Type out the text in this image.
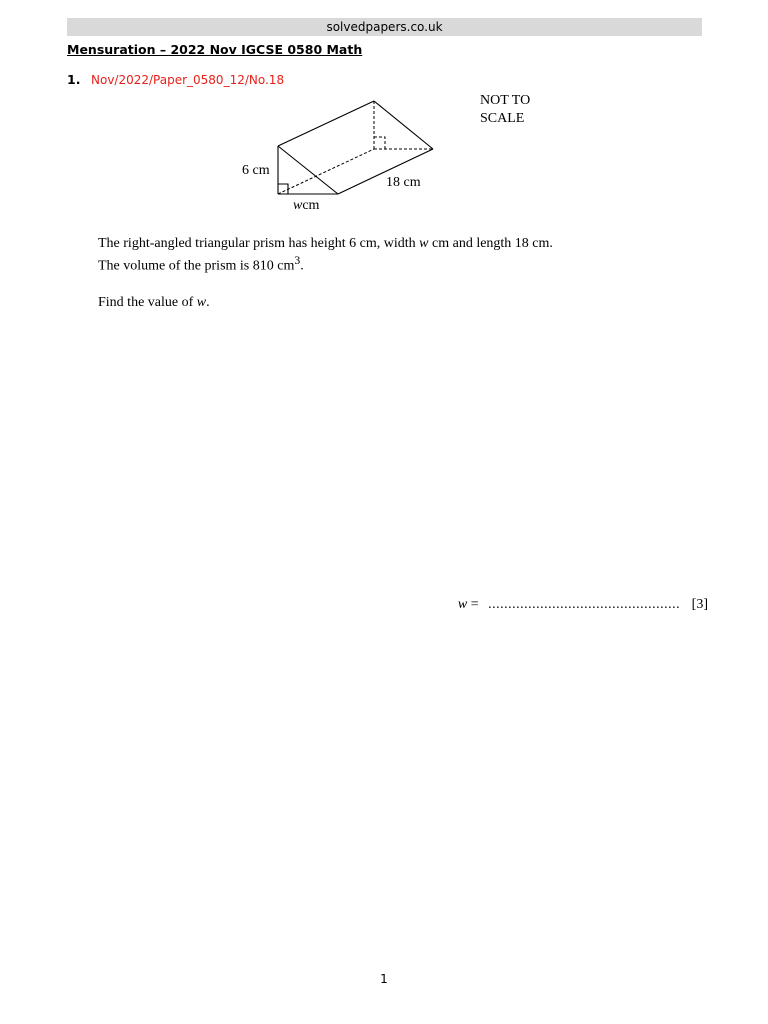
solvedpapers.co.uk
Mensuration – 2022 Nov IGCSE 0580 Math
1. Nov/2022/Paper_0580_12/No.18
NOT TO
SCALE
6 cm
18 cm
wcm

The right-angled triangular prism has height 6 cm, width w cm and length 18 cm.

The volume of the prism is 810 $cm^3$.

Find the value of w.

w = ................................................ [3]
1
